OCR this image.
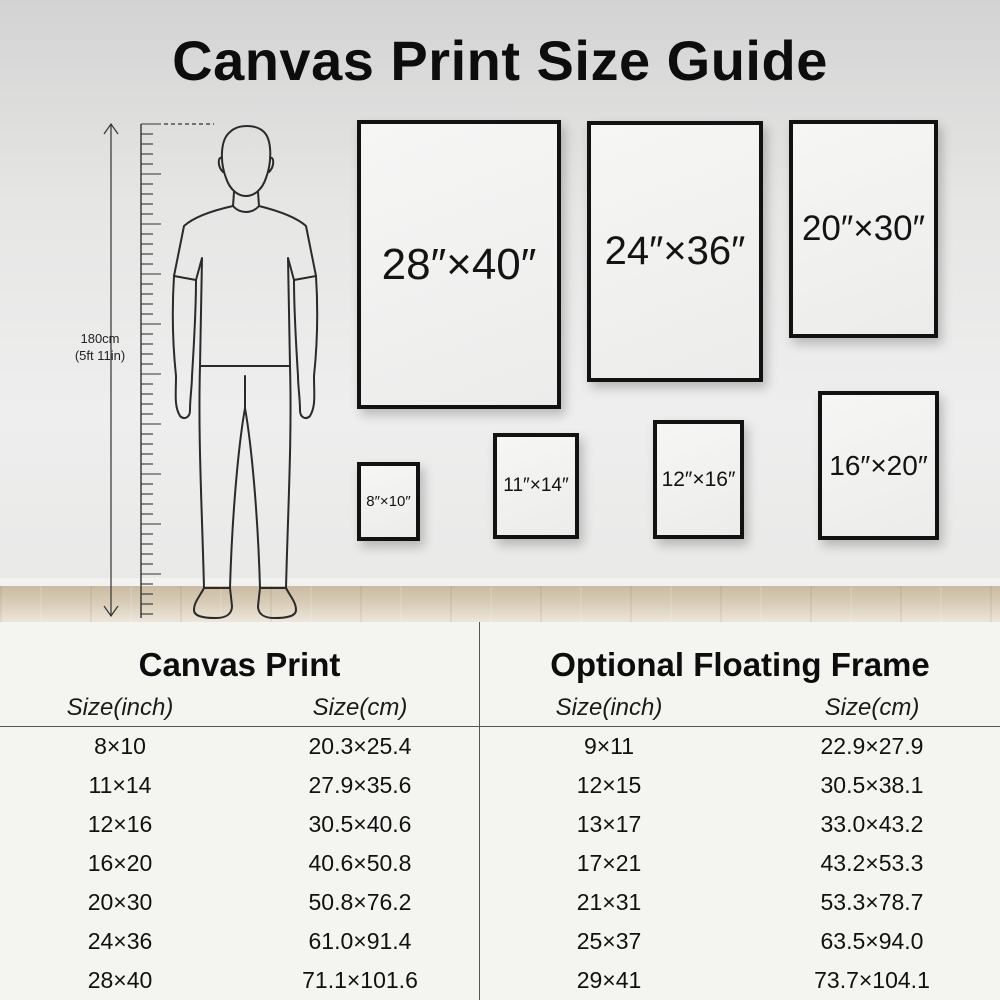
Canvas Print Size Guide
180cm
(5ft 11in)
28″×40″ 24″×36″
20″×30″
8″×10″
11″×14″	12″×16″	16″×20″
Canvas Print	Optional Floating Frame
Size(inch)	Size(cm)	Size(inch)	Size(cm)
8×10	20.3×25.4	9×11	22.9×27.9
11×14	27.9×35.6	12×15	30.5×38.1
12×16	30.5×40.6	13×17	33.0×43.2
16×20	40.6×50.8	17×21	43.2×53.3
20×30	50.8×76.2	21×31	53.3×78.7
24×36	61.0×91.4	25×37	63.5×94.0
28×40	71.1×101.6	29×41	73.7×104.1
